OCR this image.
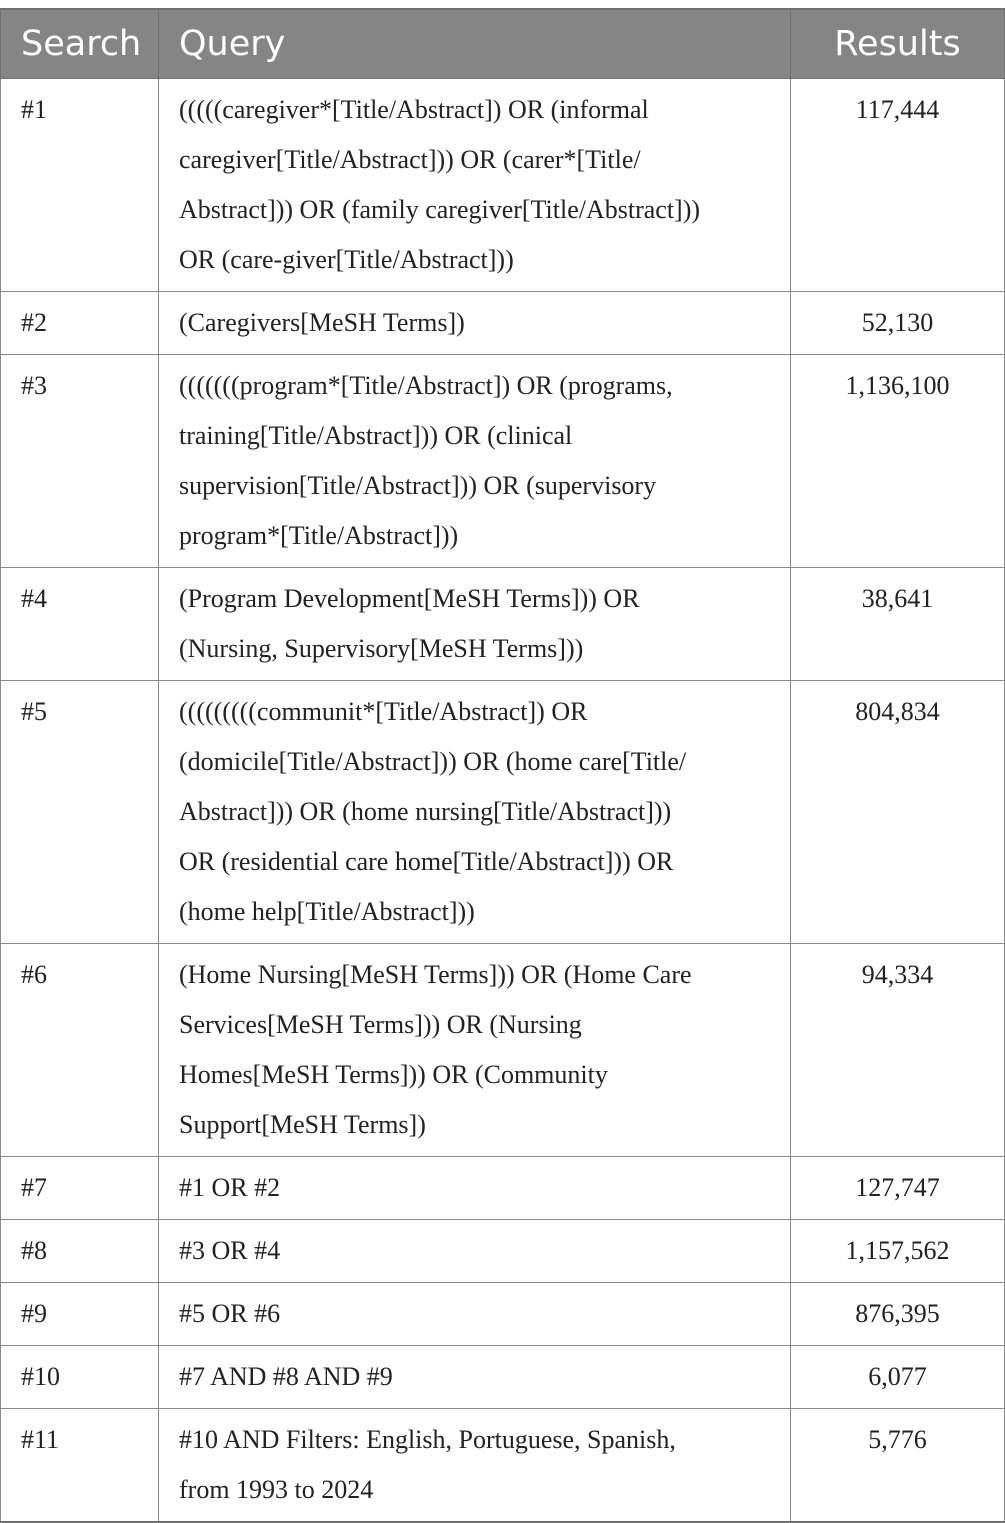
Search	Query	Results
#1	(((((caregiver*[Title/Abstract]) OR (informal
caregiver[Title/Abstract])) OR (carer*[Title/
Abstract])) OR (family caregiver[Title/Abstract]))
OR (care-giver[Title/Abstract]))	117,444
#2	(Caregivers[MeSH Terms])	52,130
#3	(((((((program*[Title/Abstract]) OR (programs,
training[Title/Abstract])) OR (clinical
supervision[Title/Abstract])) OR (supervisory
program*[Title/Abstract]))	1,136,100
#4	(Program Development[MeSH Terms])) OR
(Nursing, Supervisory[MeSH Terms]))	38,641
#5	(((((((((communit*[Title/Abstract]) OR
(domicile[Title/Abstract])) OR (home care[Title/
Abstract])) OR (home nursing[Title/Abstract]))
OR (residential care home[Title/Abstract])) OR
(home help[Title/Abstract]))	804,834
#6	(Home Nursing[MeSH Terms])) OR (Home Care
Services[MeSH Terms])) OR (Nursing
Homes[MeSH Terms])) OR (Community
Support[MeSH Terms])	94,334
#7	#1 OR #2	127,747
#8	#3 OR #4	1,157,562
#9	#5 OR #6	876,395
#10	#7 AND #8 AND #9	6,077
#11	#10 AND Filters: English, Portuguese, Spanish,
from 1993 to 2024	5,776
